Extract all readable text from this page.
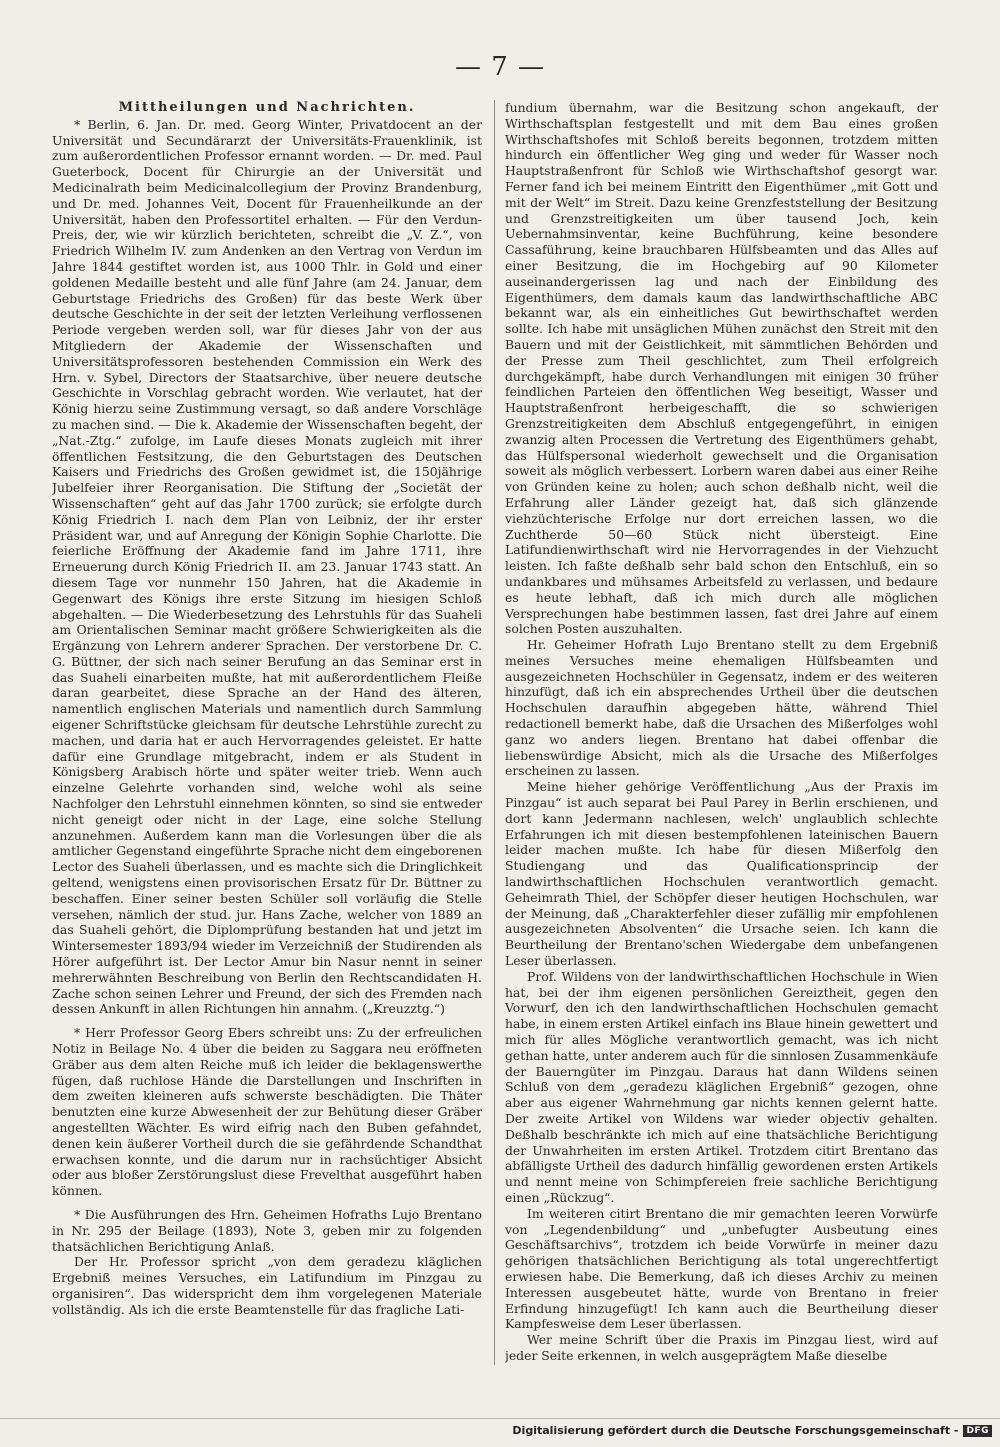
— 7 —
Mittheilungen und Nachrichten.

* Berlin, 6. Jan. Dr. med. Georg Winter, Privatdocent an der Universität und Secundärarzt der Universitäts-Frauenklinik, ist zum außerordentlichen Professor ernannt worden. — Dr. med. Paul Gueterbock, Docent für Chirurgie an der Universität und Medicinalrath beim Medicinalcollegium der Provinz Brandenburg, und Dr. med. Johannes Veit, Docent für Frauenheilkunde an der Universität, haben den Professortitel erhalten. — Für den Verdun-Preis, der, wie wir kürzlich berichteten, schreibt die „V. Z.“, von Friedrich Wilhelm IV. zum Andenken an den Vertrag von Verdun im Jahre 1844 gestiftet worden ist, aus 1000 Thlr. in Gold und einer goldenen Medaille besteht und alle fünf Jahre (am 24. Januar, dem Geburtstage Friedrichs des Großen) für das beste Werk über deutsche Geschichte in der seit der letzten Verleihung verflossenen Periode vergeben werden soll, war für dieses Jahr von der aus Mitgliedern der Akademie der Wissenschaften und Universitätsprofessoren bestehenden Commission ein Werk des Hrn. v. Sybel, Directors der Staatsarchive, über neuere deutsche Geschichte in Vorschlag gebracht worden. Wie verlautet, hat der König hierzu seine Zustimmung versagt, so daß andere Vorschläge zu machen sind. — Die k. Akademie der Wissenschaften begeht, der „Nat.-Ztg.“ zufolge, im Laufe dieses Monats zugleich mit ihrer öffentlichen Festsitzung, die den Geburtstagen des Deutschen Kaisers und Friedrichs des Großen gewidmet ist, die 150jährige Jubelfeier ihrer Reorganisation. Die Stiftung der „Societät der Wissenschaften“ geht auf das Jahr 1700 zurück; sie erfolgte durch König Friedrich I. nach dem Plan von Leibniz, der ihr erster Präsident war, und auf Anregung der Königin Sophie Charlotte. Die feierliche Eröffnung der Akademie fand im Jahre 1711, ihre Erneuerung durch König Friedrich II. am 23. Januar 1743 statt. An diesem Tage vor nunmehr 150 Jahren, hat die Akademie in Gegenwart des Königs ihre erste Sitzung im hiesigen Schloß abgehalten. — Die Wiederbesetzung des Lehrstuhls für das Suaheli am Orientalischen Seminar macht größere Schwierigkeiten als die Ergänzung von Lehrern anderer Sprachen. Der verstorbene Dr. C. G. Büttner, der sich nach seiner Berufung an das Seminar erst in das Suaheli einarbeiten mußte, hat mit außerordentlichem Fleiße daran gearbeitet, diese Sprache an der Hand des älteren, namentlich englischen Materials und namentlich durch Sammlung eigener Schriftstücke gleichsam für deutsche Lehrstühle zurecht zu machen, und daria hat er auch Hervorragendes geleistet. Er hatte dafür eine Grundlage mitgebracht, indem er als Student in Königsberg Arabisch hörte und später weiter trieb. Wenn auch einzelne Gelehrte vorhanden sind, welche wohl als seine Nachfolger den Lehrstuhl einnehmen könnten, so sind sie entweder nicht geneigt oder nicht in der Lage, eine solche Stellung anzunehmen. Außerdem kann man die Vorlesungen über die als amtlicher Gegenstand eingeführte Sprache nicht dem eingeborenen Lector des Suaheli überlassen, und es machte sich die Dringlichkeit geltend, wenigstens einen provisorischen Ersatz für Dr. Büttner zu beschaffen. Einer seiner besten Schüler soll vorläufig die Stelle versehen, nämlich der stud. jur. Hans Zache, welcher von 1889 an das Suaheli gehört, die Diplomprüfung bestanden hat und jetzt im Wintersemester 1893/94 wieder im Verzeichniß der Studirenden als Hörer aufgeführt ist. Der Lector Amur bin Nasur nennt in seiner mehrerwähnten Beschreibung von Berlin den Rechtscandidaten H. Zache schon seinen Lehrer und Freund, der sich des Fremden nach dessen Ankunft in allen Richtungen hin annahm. („Kreuzztg.“)

* Herr Professor Georg Ebers schreibt uns: Zu der erfreulichen Notiz in Beilage No. 4 über die beiden zu Saggara neu eröffneten Gräber aus dem alten Reiche muß ich leider die beklagenswerthe fügen, daß ruchlose Hände die Darstellungen und Inschriften in dem zweiten kleineren aufs schwerste beschädigten. Die Thäter benutzten eine kurze Abwesenheit der zur Behütung dieser Gräber angestellten Wächter. Es wird eifrig nach den Buben gefahndet, denen kein äußerer Vortheil durch die sie gefährdende Schandthat erwachsen konnte, und die darum nur in rachsüchtiger Absicht oder aus bloßer Zerstörungslust diese Frevelthat ausgeführt haben können.

* Die Ausführungen des Hrn. Geheimen Hofraths Lujo Brentano in Nr. 295 der Beilage (1893), Note 3, geben mir zu folgenden thatsächlichen Berichtigung Anlaß.

Der Hr. Professor spricht „von dem geradezu kläglichen Ergebniß meines Versuches, ein Latifundium im Pinzgau zu organisiren“. Das widerspricht dem ihm vorgelegenen Materiale vollständig. Als ich die erste Beamtenstelle für das fragliche Lati-

fundium übernahm, war die Besitzung schon angekauft, der Wirthschaftsplan festgestellt und mit dem Bau eines großen Wirthschaftshofes mit Schloß bereits begonnen, trotzdem mitten hindurch ein öffentlicher Weg ging und weder für Wasser noch Hauptstraßenfront für Schloß wie Wirthschaftshof gesorgt war. Ferner fand ich bei meinem Eintritt den Eigenthümer „mit Gott und mit der Welt“ im Streit. Dazu keine Grenzfeststellung der Besitzung und Grenzstreitigkeiten um über tausend Joch, kein Uebernahmsinventar, keine Buchführung, keine besondere Cassaführung, keine brauchbaren Hülfsbeamten und das Alles auf einer Besitzung, die im Hochgebirg auf 90 Kilometer auseinandergerissen lag und nach der Einbildung des Eigenthümers, dem damals kaum das landwirthschaftliche ABC bekannt war, als ein einheitliches Gut bewirthschaftet werden sollte. Ich habe mit unsäglichen Mühen zunächst den Streit mit den Bauern und mit der Geistlichkeit, mit sämmtlichen Behörden und der Presse zum Theil geschlichtet, zum Theil erfolgreich durchgekämpft, habe durch Verhandlungen mit einigen 30 früher feindlichen Parteien den öffentlichen Weg beseitigt, Wasser und Hauptstraßenfront herbeigeschafft, die so schwierigen Grenzstreitigkeiten dem Abschluß entgegengeführt, in einigen zwanzig alten Processen die Vertretung des Eigenthümers gehabt, das Hülfspersonal wiederholt gewechselt und die Organisation soweit als möglich verbessert. Lorbern waren dabei aus einer Reihe von Gründen keine zu holen; auch schon deßhalb nicht, weil die Erfahrung aller Länder gezeigt hat, daß sich glänzende viehzüchterische Erfolge nur dort erreichen lassen, wo die Zuchtherde 50—60 Stück nicht übersteigt. Eine Latifundienwirthschaft wird nie Hervorragendes in der Viehzucht leisten. Ich faßte deßhalb sehr bald schon den Entschluß, ein so undankbares und mühsames Arbeitsfeld zu verlassen, und bedaure es heute lebhaft, daß ich mich durch alle möglichen Versprechungen habe bestimmen lassen, fast drei Jahre auf einem solchen Posten auszuhalten.

Hr. Geheimer Hofrath Lujo Brentano stellt zu dem Ergebniß meines Versuches meine ehemaligen Hülfsbeamten und ausgezeichneten Hochschüler in Gegensatz, indem er des weiteren hinzufügt, daß ich ein absprechendes Urtheil über die deutschen Hochschulen daraufhin abgegeben hätte, während Thiel redactionell bemerkt habe, daß die Ursachen des Mißerfolges wohl ganz wo anders liegen. Brentano hat dabei offenbar die liebenswürdige Absicht, mich als die Ursache des Mißerfolges erscheinen zu lassen.

Meine hieher gehörige Veröffentlichung „Aus der Praxis im Pinzgau“ ist auch separat bei Paul Parey in Berlin erschienen, und dort kann Jedermann nachlesen, welch' unglaublich schlechte Erfahrungen ich mit diesen bestempfohlenen lateinischen Bauern leider machen mußte. Ich habe für diesen Mißerfolg den Studiengang und das Qualificationsprincip der landwirthschaftlichen Hochschulen verantwortlich gemacht. Geheimrath Thiel, der Schöpfer dieser heutigen Hochschulen, war der Meinung, daß „Charakterfehler dieser zufällig mir empfohlenen ausgezeichneten Absolventen“ die Ursache seien. Ich kann die Beurtheilung der Brentano'schen Wiedergabe dem unbefangenen Leser überlassen.

Prof. Wildens von der landwirthschaftlichen Hochschule in Wien hat, bei der ihm eigenen persönlichen Gereiztheit, gegen den Vorwurf, den ich den landwirthschaftlichen Hochschulen gemacht habe, in einem ersten Artikel einfach ins Blaue hinein gewettert und mich für alles Mögliche verantwortlich gemacht, was ich nicht gethan hatte, unter anderem auch für die sinnlosen Zusammenkäufe der Bauerngüter im Pinzgau. Daraus hat dann Wildens seinen Schluß von dem „geradezu kläglichen Ergebniß“ gezogen, ohne aber aus eigener Wahrnehmung gar nichts kennen gelernt hatte. Der zweite Artikel von Wildens war wieder objectiv gehalten. Deßhalb beschränkte ich mich auf eine thatsächliche Berichtigung der Unwahrheiten im ersten Artikel. Trotzdem citirt Brentano das abfälligste Urtheil des dadurch hinfällig gewordenen ersten Artikels und nennt meine von Schimpfereien freie sachliche Berichtigung einen „Rückzug“.

Im weiteren citirt Brentano die mir gemachten leeren Vorwürfe von „Legendenbildung“ und „unbefugter Ausbeutung eines Geschäftsarchivs“, trotzdem ich beide Vorwürfe in meiner dazu gehörigen thatsächlichen Berichtigung als total ungerechtfertigt erwiesen habe. Die Bemerkung, daß ich dieses Archiv zu meinen Interessen ausgebeutet hätte, wurde von Brentano in freier Erfindung hinzugefügt! Ich kann auch die Beurtheilung dieser Kampfesweise dem Leser überlassen.

Wer meine Schrift über die Praxis im Pinzgau liest, wird auf jeder Seite erkennen, in welch ausgeprägtem Maße dieselbe

Digitalisierung gefördert durch die Deutsche Forschungsgemeinschaft - DFG
